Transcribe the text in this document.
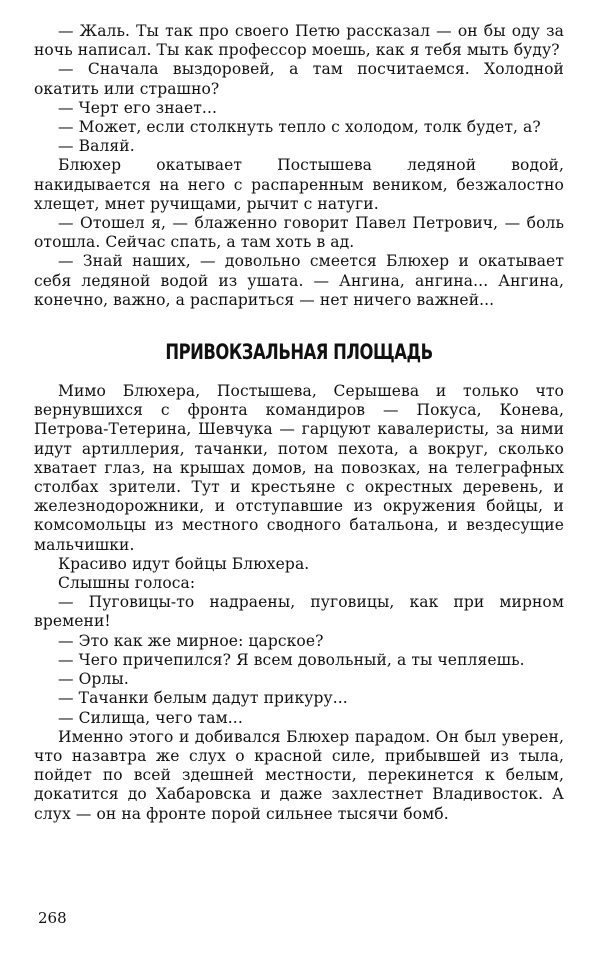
— Жаль. Ты так про своего Петю рассказал — он бы оду за ночь написал. Ты как профессор моешь, как я тебя мыть буду?

— Сначала выздоровей, а там посчитаемся. Холодной окатить или страшно?

— Черт его знает...

— Может, если столкнуть тепло с холодом, толк будет, а?

— Валяй.

Блюхер окатывает Постышева ледяной водой, накидывается на него с распаренным веником, безжалостно хлещет, мнет ручищами, рычит с натуги.

— Отошел я, — блаженно говорит Павел Петрович, — боль отошла. Сейчас спать, а там хоть в ад.

— Знай наших, — довольно смеется Блюхер и окатывает себя ледяной водой из ушата. — Ангина, ангина... Ангина, конечно, важно, а распариться — нет ничего важней...

ПРИВОКЗАЛЬНАЯ ПЛОЩАДЬ

Мимо Блюхера, Постышева, Серышева и только что вернувшихся с фронта командиров — Покуса, Конева, Петрова-Тетерина, Шевчука — гарцуют кавалеристы, за ними идут артиллерия, тачанки, потом пехота, а вокруг, сколько хватает глаз, на крышах домов, на повозках, на телеграфных столбах зрители. Тут и крестьяне с окрестных деревень, и железнодорожники, и отступавшие из окружения бойцы, и комсомольцы из местного сводного батальона, и вездесущие мальчишки.

Красиво идут бойцы Блюхера.

Слышны голоса:

— Пуговицы-то надраены, пуговицы, как при мирном времени!

— Это как же мирное: царское?

— Чего причепился? Я всем довольный, а ты чепляешь.

— Орлы.

— Тачанки белым дадут прикуру...

— Силища, чего там...

Именно этого и добивался Блюхер парадом. Он был уверен, что назавтра же слух о красной силе, прибывшей из тыла, пойдет по всей здешней местности, перекинется к белым, докатится до Хабаровска и даже захлестнет Владивосток. А слух — он на фронте порой сильнее тысячи бомб.

268
